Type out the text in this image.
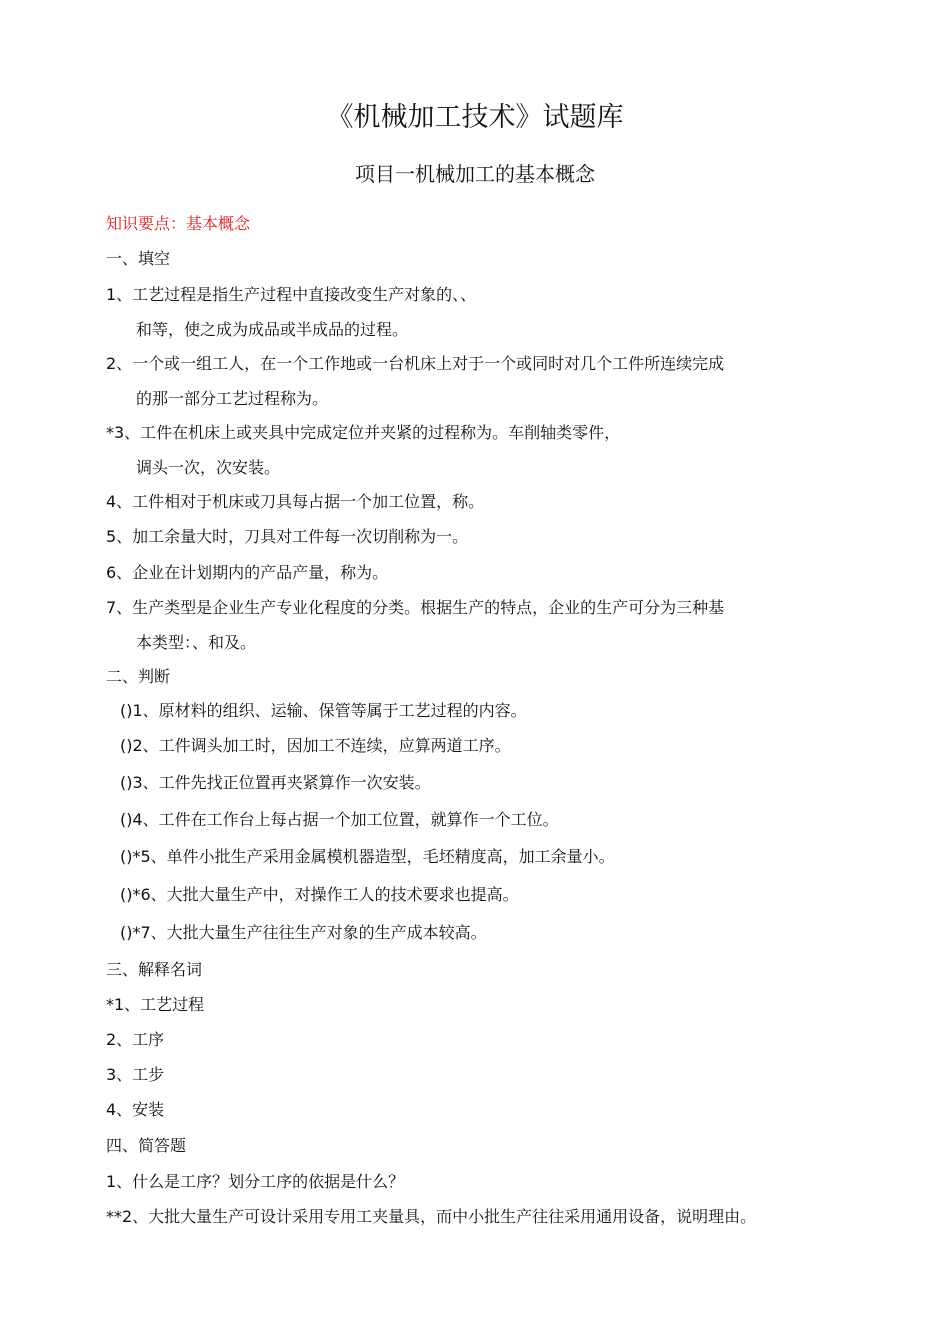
《机械加工技术》试题库
项目一机械加工的基本概念
知识要点：基本概念
一、填空
1、工艺过程是指生产过程中直接改变生产对象的、、
和等，使之成为成品或半成品的过程。
2、一个或一组工人，在一个工作地或一台机床上对于一个或同时对几个工件所连续完成
的那一部分工艺过程称为。
*3、工件在机床上或夹具中完成定位并夹紧的过程称为。车削轴类零件，
调头一次，次安装。
4、工件相对于机床或刀具每占据一个加工位置，称。
5、加工余量大时，刀具对工件每一次切削称为一。
6、企业在计划期内的产品产量，称为。
7、生产类型是企业生产专业化程度的分类。根据生产的特点，企业的生产可分为三种基
本类型：、和及。
二、判断
()1、原材料的组织、运输、保管等属于工艺过程的内容。
()2、工件调头加工时，因加工不连续，应算两道工序。
()3、工件先找正位置再夹紧算作一次安装。
()4、工件在工作台上每占据一个加工位置，就算作一个工位。
()*5、单件小批生产采用金属模机器造型，毛坯精度高，加工余量小。
()*6、大批大量生产中，对操作工人的技术要求也提高。
()*7、大批大量生产往往生产对象的生产成本较高。
三、解释名词
*1、工艺过程
2、工序
3、工步
4、安装
四、简答题
1、什么是工序？划分工序的依据是什么？
**2、大批大量生产可设计采用专用工夹量具，而中小批生产往往采用通用设备，说明理由。
